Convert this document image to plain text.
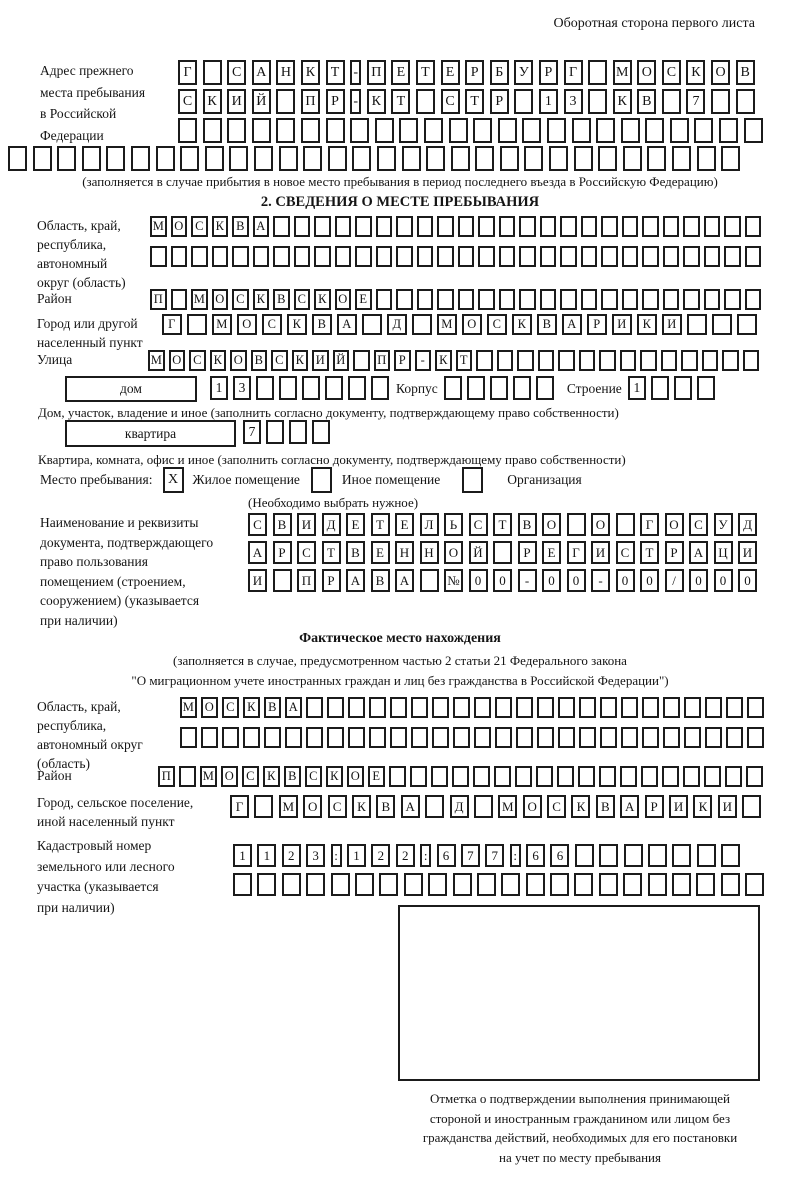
Оборотная сторона первого листа
Адрес прежнего
места пребывания
в Российской
Федерации
Г	С А Н К Т - П Е Т Е Р Б У Р Г	М О С К О В
С К И Й	П Р - К Т	С Т Р	1 3	К В	7
(заполняется в случае прибытия в новое место пребывания в период последнего въезда в Российскую Федерацию)
2. СВЕДЕНИЯ О МЕСТЕ ПРЕБЫВАНИЯ
Область, край,
республика,
автономный
округ (область)
М О С К В А
Район	П М О С К В С К О Е
Город или другой
населенный пункт
Г	М О С К В А	Д	М О С К В А Р И К И
Улица	М О С К О В С К И Й	П Р - К Т
дом	1 3	Корпус	Строение 1
Дом, участок, владение и иное (заполнить согласно документу, подтверждающему право собственности)
квартира	7
Квартира, комната, офис и иное (заполнить согласно документу, подтверждающему право собственности)
Место пребывания:	X	Жилое помещение	Иное помещение	Организация
(Необходимо выбрать нужное)
Наименование и реквизиты
документа, подтверждающего
право пользования
помещением (строением,
сооружением) (указывается
при наличии)
С В И Д Е Т Е Л Ь С Т В О	О	Г О С У Д
А Р С Т В Е Н Н О Й	Р Е Г И С Т Р А Ц И
И	П Р А В А	№ 0 0 - 0 0 - 0 0 / 0 0 0
Фактическое место нахождения
(заполняется в случае, предусмотренном частью 2 статьи 21 Федерального закона
"О миграционном учете иностранных граждан и лиц без гражданства в Российской Федерации")
Область, край,
республика,
автономный округ
(область)
М О С К В А
Район	П	М О С К В С К О Е
Город, сельское поселение,
иной населенный пункт
Г	М О С К В А	Д	М О С К В А Р И К И
Кадастровый номер
земельного или лесного
участка (указывается
при наличии)
1 1 2 3 : 1 2 2 : 6 7 7 : 6 6
Отметка о подтверждении выполнения принимающей
стороной и иностранным гражданином или лицом без
гражданства действий, необходимых для его постановки
на учет по месту пребывания
